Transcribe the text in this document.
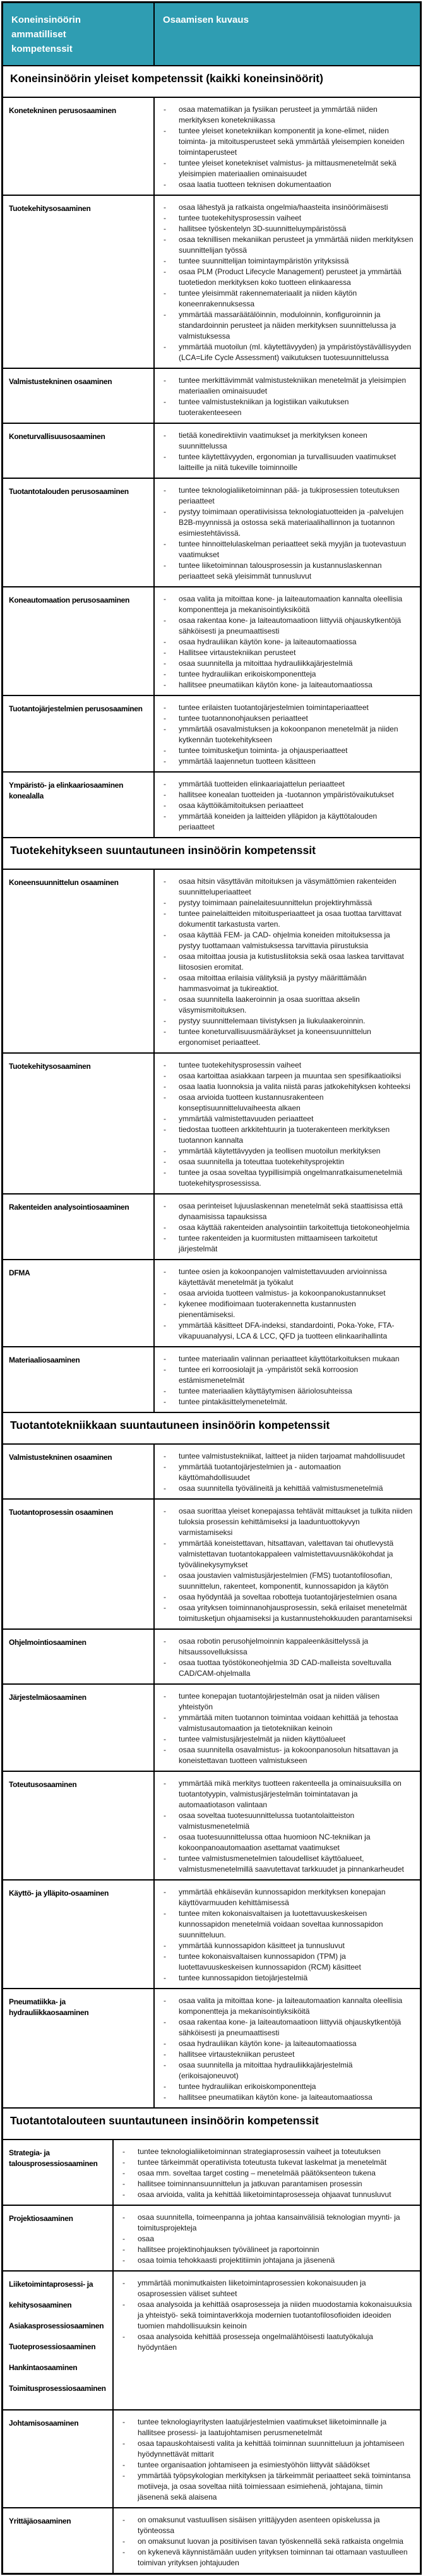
Koneinsinöörin
ammatilliset
kompetenssit
Osaamisen kuvaus
Koneinsinöörin yleiset kompetenssit (kaikki koneinsinöörit)
Konetekninen perusosaaminen	-	osaa matematiikan ja fysiikan perusteet ja ymmärtää niiden merkityksen konetekniikassa
-	tuntee yleiset konetekniikan komponentit ja kone-elimet, niiden toiminta- ja mitoitusperusteet sekä ymmärtää yleisempien koneiden toimintaperusteet
-	tuntee yleiset konetekniset valmistus- ja mittausmenetelmät sekä yleisimpien materiaalien ominaisuudet
-	osaa laatia tuotteen teknisen dokumentaation
Tuotekehitysosaaminen	-	osaa lähestyä ja ratkaista ongelmia/haasteita insinöörimäisesti
-	tuntee tuotekehitysprosessin vaiheet
-	hallitsee työskentelyn 3D-suunnitteluympäristössä
-	osaa teknillisen mekaniikan perusteet ja ymmärtää niiden merkityksen suunnittelijan työssä
-	tuntee suunnittelijan toimintaympäristön yrityksissä
-	osaa PLM (Product Lifecycle Management) perusteet ja ymmärtää tuotetiedon merkityksen koko tuotteen elinkaaressa
-	tuntee yleisimmät rakennemateriaalit ja niiden käytön koneenrakennuksessa
-	ymmärtää massaräätälöinnin, moduloinnin, konfiguroinnin ja standardoinnin perusteet ja näiden merkityksen suunnittelussa ja valmistuksessa
-	ymmärtää muotoilun (ml. käytettävyyden) ja ympäristöystävällisyyden (LCA=Life Cycle Assessment) vaikutuksen tuotesuunnittelussa
Valmistustekninen osaaminen	-	tuntee merkittävimmät valmistustekniikan menetelmät ja yleisimpien materiaalien ominaisuudet
-	tuntee valmistustekniikan ja logistiikan vaikutuksen tuoterakenteeseen
Koneturvallisuusosaaminen	-	tietää konedirektiivin vaatimukset ja merkityksen koneen suunnittelussa
-	tuntee käytettävyyden, ergonomian ja turvallisuuden vaatimukset laitteille ja niitä tukeville toiminnoille
Tuotantotalouden perusosaaminen	-	tuntee teknologialiiketoiminnan pää- ja tukiprosessien toteutuksen periaatteet
-	pystyy toimimaan operatiivisissa teknologiatuotteiden ja -palvelujen B2B-myynnissä ja ostossa sekä materiaalihallinnon ja tuotannon esimiestehtävissä.
-	tuntee hinnoittelulaskelman periaatteet sekä myyjän ja tuotevastuun vaatimukset
-	tuntee liiketoiminnan talousprosessin ja kustannuslaskennan periaatteet sekä yleisimmät tunnusluvut
Koneautomaation perusosaaminen	-	osaa valita ja mitoittaa kone- ja laiteautomaation kannalta oleellisia komponentteja ja mekanisointiyksiköitä
-	osaa rakentaa kone- ja laiteautomaatioon liittyviä ohjauskytkentöjä sähköisesti ja pneumaattisesti
-	osaa hydrauliikan käytön kone- ja laiteautomaatiossa
-	Hallitsee virtaustekniikan perusteet
-	osaa suunnitella ja mitoittaa hydrauliikkajärjestelmiä
-	tuntee hydrauliikan erikoiskomponentteja
-	hallitsee pneumatiikan käytön kone- ja laiteautomaatiossa
Tuotantojärjestelmien perusosaaminen	-	tuntee erilaisten tuotantojärjestelmien toimintaperiaatteet
-	tuntee tuotannonohjauksen periaatteet
-	ymmärtää osavalmistuksen ja kokoonpanon menetelmät ja niiden kytkennän tuotekehitykseen
-	tuntee toimitusketjun toiminta- ja ohjausperiaatteet
-	ymmärtää laajennetun tuotteen käsitteen
Ympäristö- ja elinkaariosaaminen
konealalla
-	ymmärtää tuotteiden elinkaariajattelun periaatteet
-	hallitsee konealan tuotteiden ja -tuotannon ympäristövaikutukset
-	osaa käyttöikämitoituksen periaatteet
-	ymmärtää koneiden ja laitteiden ylläpidon ja käyttötalouden periaatteet
Tuotekehitykseen suuntautuneen insinöörin kompetenssit
Koneensuunnittelun osaaminen	-	osaa hitsin väsyttävän mitoituksen ja väsymättömien rakenteiden suunnitteluperiaatteet
-	pystyy toimimaan painelaitesuunnittelun projektiryhmässä
-	tuntee painelaitteiden mitoitusperiaatteet ja osaa tuottaa tarvittavat dokumentit tarkastusta varten.
-	osaa käyttää FEM- ja CAD- ohjelmia koneiden mitoituksessa ja pystyy tuottamaan valmistuksessa tarvittavia piirustuksia
-	osaa mitoittaa jousia ja kutistusliitoksia sekä osaa laskea tarvittavat liitososien eromitat.
-	osaa mitoittaa erilaisia välityksiä ja pystyy määrittämään hammasvoimat ja tukireaktiot.
-	osaa suunnitella laakeroinnin ja osaa suorittaa akselin väsymismitoituksen.
-	pystyy suunnittelemaan tiivistyksen ja liukulaakeroinnin.
-	tuntee koneturvallisuusmääräykset ja koneensuunnittelun ergonomiset periaatteet.
Tuotekehitysosaaminen	-	tuntee tuotekehitysprosessin vaiheet
-	osaa kartoittaa asiakkaan tarpeen ja muuntaa sen spesifikaatioiksi
-	osaa laatia luonnoksia ja valita niistä paras jatkokehityksen kohteeksi
-	osaa arvioida tuotteen kustannusrakenteen konseptisuunnitteluvaiheesta alkaen
-	ymmärtää valmistettavuuden periaatteet
-	tiedostaa tuotteen arkkitehtuurin ja tuoterakenteen merkityksen tuotannon kannalta
-	ymmärtää käytettävyyden ja teollisen muotoilun merkityksen
-	osaa suunnitella ja toteuttaa tuotekehitysprojektin
-	tuntee ja osaa soveltaa tyypillisimpiä ongelmanratkaisumenetelmiä tuotekehitysprosessissa.
Rakenteiden analysointiosaaminen	-	osaa perinteiset lujuuslaskennan menetelmät sekä staattisissa että dynaamisissa tapauksissa
-	osaa käyttää rakenteiden analysointiin tarkoitettuja tietokoneohjelmia
-	tuntee rakenteiden ja kuormitusten mittaamiseen tarkoitetut järjestelmät
DFMA	-	tuntee osien ja kokoonpanojen valmistettavuuden arvioinnissa käytettävät menetelmät ja työkalut
-	osaa arvioida tuotteen valmistus- ja kokoonpanokustannukset
-	kykenee modifioimaan tuoterakennetta kustannusten pienentämiseksi.
-	ymmärtää käsitteet DFA-indeksi, standardointi, Poka-Yoke, FTA-vikapuuanalyysi, LCA & LCC, QFD ja tuotteen elinkaarihallinta
Materiaaliosaaminen	-	tuntee materiaalin valinnan periaatteet käyttötarkoituksen mukaan
-	tuntee eri korroosiolajit ja -ympäristöt sekä korroosion estämismenetelmät
-	tuntee materiaalien käyttäytymisen ääriolosuhteissa
-	tuntee pintakäsittelymenetelmät.
Tuotantotekniikkaan suuntautuneen insinöörin kompetenssit
Valmistustekninen osaaminen	-	tuntee valmistustekniikat, laitteet ja niiden tarjoamat mahdollisuudet
-	ymmärtää tuotantojärjestelmien ja - automaation käyttömahdollisuudet
-	osaa suunnitella työvälineitä ja kehittää valmistusmenetelmiä
Tuotantoprosessin osaaminen	-	osaa suorittaa yleiset konepajassa tehtävät mittaukset ja tulkita niiden tuloksia prosessin kehittämiseksi ja laaduntuottokyvyn varmistamiseksi
-	ymmärtää koneistettavan, hitsattavan, valettavan tai ohutlevystä valmistettavan tuotantokappaleen valmistettavuusnäkökohdat ja työvälinekysymykset
-	osaa joustavien valmistusjärjestelmien (FMS) tuotantofilosofian, suunnittelun, rakenteet, komponentit, kunnossapidon ja käytön
-	osaa hyödyntää ja soveltaa robotteja tuotantojärjestelmien osana
-	osaa yrityksen toiminnanohjausprosessin, sekä erilaiset menetelmät toimitusketjun ohjaamiseksi ja kustannustehokkuuden parantamiseksi
Ohjelmointiosaaminen	-	osaa robotin perusohjelmoinnin kappaleenkäsittelyssä ja hitsaussovelluksissa
-	osaa tuottaa työstökoneohjelmia 3D CAD-malleista soveltuvalla CAD/CAM-ohjelmalla
Järjestelmäosaaminen	-	tuntee konepajan tuotantojärjestelmän osat ja niiden välisen yhteistyön
-	ymmärtää miten tuotannon toimintaa voidaan kehittää ja tehostaa valmistusautomaation ja tietotekniikan keinoin
-	tuntee valmistusjärjestelmät ja niiden käyttöalueet
-	osaa suunnitella osavalmistus- ja kokoonpanosolun hitsattavan ja koneistettavan tuotteen valmistukseen
Toteutusosaaminen	-	ymmärtää mikä merkitys tuotteen rakenteella ja ominaisuuksilla on tuotantotyypin, valmistusjärjestelmän toimintatavan ja automaatiotason valintaan
-	osaa soveltaa tuotesuunnittelussa tuotantolaitteiston valmistusmenetelmiä
-	osaa tuotesuunnittelussa ottaa huomioon NC-tekniikan ja kokoonpanoautomaation asettamat vaatimukset
-	tuntee valmistusmenetelmien taloudelliset käyttöalueet, valmistusmenetelmillä saavutettavat tarkkuudet ja pinnankarheudet
Käyttö- ja ylläpito-osaaminen	-	ymmärtää ehkäisevän kunnossapidon merkityksen konepajan käyttövarmuuden kehittämisessä
-	tuntee miten kokonaisvaltaisen ja luotettavuuskeskeisen kunnossapidon menetelmiä voidaan soveltaa kunnossapidon suunnitteluun.
-	ymmärtää kunnossapidon käsitteet ja tunnusluvut
-	tuntee kokonaisvaltaisen kunnossapidon (TPM) ja luotettavuuskeskeisen kunnossapidon (RCM) käsitteet
-	tuntee kunnossapidon tietojärjestelmiä
Pneumatiikka- ja
hydrauliikkaosaaminen
-	osaa valita ja mitoittaa kone- ja laiteautomaation kannalta oleellisia komponentteja ja mekanisointiyksiköitä
-	osaa rakentaa kone- ja laiteautomaatioon liittyviä ohjauskytkentöjä sähköisesti ja pneumaattisesti
-	osaa hydrauliikan käytön kone- ja laiteautomaatiossa
-	hallitsee virtaustekniikan perusteet
-	osaa suunnitella ja mitoittaa hydrauliikkajärjestelmiä (erikoisajoneuvot)
-	tuntee hydrauliikan erikoiskomponentteja
-	hallitsee pneumatiikan käytön kone- ja laiteautomaatiossa
Tuotantotalouteen suuntautuneen insinöörin kompetenssit
Strategia- ja
talousprosessiosaaminen
-	tuntee teknologialiiketoiminnan strategiaprosessin vaiheet ja toteutuksen
-	tuntee tärkeimmät operatiivista toteutusta tukevat laskelmat ja menetelmät
-	osaa mm. soveltaa target costing – menetelmää päätöksenteon tukena
-	hallitsee toiminnansuunnittelun ja jatkuvan parantamisen prosessin
-	osaa arvioida, valita ja kehittää liiketoimintaprosesseja ohjaavat tunnusluvut
Projektiosaaminen	-	osaa suunnitella, toimeenpanna ja johtaa kansainvälisiä teknologian myynti- ja toimitusprojekteja
-	osaa
-	hallitsee projektinohjauksen työvälineet ja raportoinnin
-	osaa toimia tehokkaasti projektitiimin johtajana ja jäsenenä
Liiketoimintaprosessi- ja
kehitysosaaminen
Asiakasprosessiosaaminen
Tuoteprosessiosaaminen
Hankintaosaaminen
Toimitusprosessiosaaminen
-	ymmärtää monimutkaisten liiketoimintaprosessien kokonaisuuden ja osaprosessien väliset suhteet
-	osaa analysoida ja kehittää osaprosesseja ja niiden muodostamia kokonaisuuksia ja yhteistyö- sekä toimintaverkkoja modernien tuotantofilosofioiden ideoiden tuomien mahdollisuuksin keinoin
-	osaa analysoida kehittää prosesseja ongelmalähtöisesti laatutyökaluja hyödyntäen
Johtamisosaaminen	-	tuntee teknologiayritysten laatujärjestelmien vaatimukset liiketoiminnalle ja hallitsee prosessi- ja laatujohtamisen perusmenetelmät
-	osaa tapauskohtaisesti valita ja kehittää toiminnan suunnitteluun ja johtamiseen hyödynnettävät mittarit
-	tuntee organisaation johtamiseen ja esimiestyöhön liittyvät säädökset
-	ymmärtää työpsykologian merkityksen ja tärkeimmät periaatteet sekä toimintansa motiiveja, ja osaa soveltaa niitä toimiessaan esimiehenä, johtajana, tiimin jäsenenä sekä alaisena
Yrittäjäosaaminen	-	on omaksunut vastuullisen sisäisen yrittäjyyden asenteen opiskelussa ja työnteossa
-	on omaksunut luovan ja positiivisen tavan työskennellä sekä ratkaista ongelmia
-	on kykenevä käynnistämään uuden yrityksen toiminnan tai ottamaan vastuulleen toimivan yrityksen johtajuuden
